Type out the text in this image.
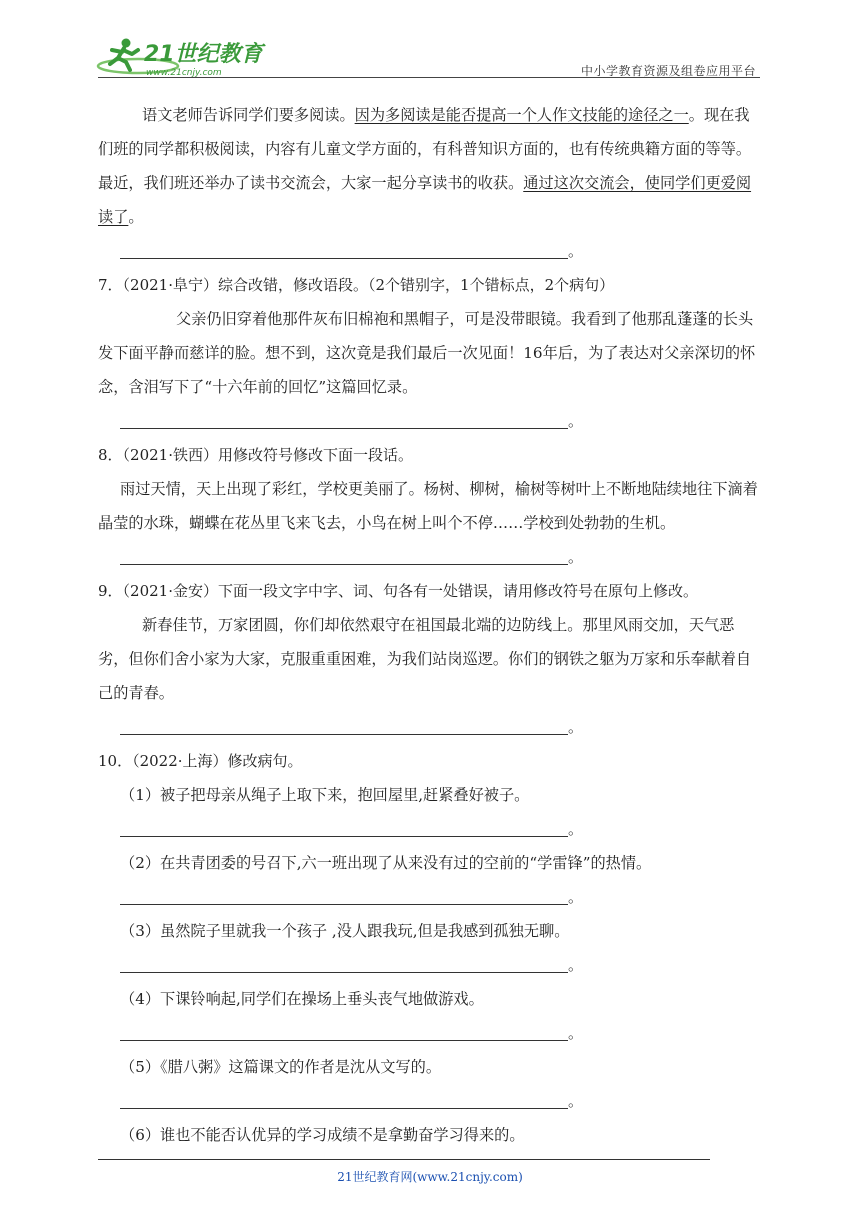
21世纪教育
www.21cnjy.com	中小学教育资源及组卷应用平台

语文老师告诉同学们要多阅读。因为多阅读是能否提高一个人作文技能的途径之一。现在我们班的同学都积极阅读，内容有儿童文学方面的，有科普知识方面的，也有传统典籍方面的等等。最近，我们班还举办了读书交流会，大家一起分享读书的收获。通过这次交流会，使同学们更爱阅读了。

。

7．（2021·阜宁）综合改错，修改语段。（2个错别字，1个错标点，2个病句）

父亲仍旧穿着他那件灰布旧棉袍和黑帽子，可是没带眼镜。我看到了他那乱蓬蓬的长头发下面平静而慈详的脸。想不到，这次竟是我们最后一次见面！16年后，为了表达对父亲深切的怀念，含泪写下了“十六年前的回忆”这篇回忆录。

。

8．（2021·铁西）用修改符号修改下面一段话。

雨过天情，天上出现了彩红，学校更美丽了。杨树、柳树，榆树等树叶上不断地陆续地往下滴着晶莹的水珠，蝴蝶在花丛里飞来飞去，小鸟在树上叫个不停……学校到处勃勃的生机。

。

9．（2021·金安）下面一段文字中字、词、句各有一处错误，请用修改符号在原句上修改。

新春佳节，万家团圆，你们却依然艰守在祖国最北端的边防线上。那里风雨交加，天气恶劣，但你们舍小家为大家，克服重重困难，为我们站岗巡逻。你们的钢铁之躯为万家和乐奉献着自己的青春。

。

10．（2022·上海）修改病句。

（1）被子把母亲从绳子上取下来，抱回屋里,赶紧叠好被子。

。

（2）在共青团委的号召下,六一班出现了从来没有过的空前的“学雷锋”的热情。

。

（3）虽然院子里就我一个孩子 ,没人跟我玩,但是我感到孤独无聊。

。

（4）下课铃响起,同学们在操场上垂头丧气地做游戏。

。

（5）《腊八粥》这篇课文的作者是沈从文写的。

。

（6）谁也不能否认优异的学习成绩不是拿勤奋学习得来的。

21世纪教育网(www.21cnjy.com)
